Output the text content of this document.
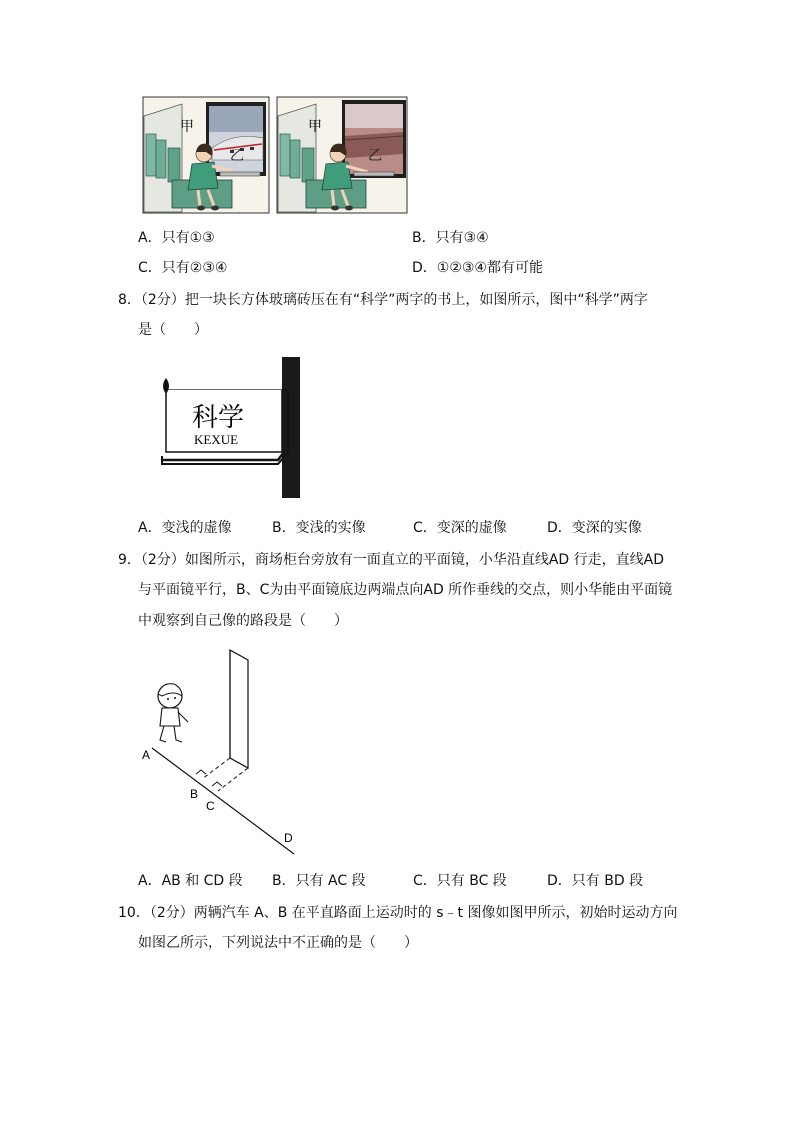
甲
乙
甲
乙
A．只有①③	B．只有③④
C．只有②③④	D．①②③④都有可能
8．（2分）把一块长方体玻璃砖压在有“科学”两字的书上，如图所示，图中“科学”两字
是（　　）
科学
KEXUE
A．变浅的虚像	B．变浅的实像	C．变深的虚像	D．变深的实像
9．（2分）如图所示，商场柜台旁放有一面直立的平面镜，小华沿直线AD 行走，直线AD
与平面镜平行，B、C为由平面镜底边两端点向AD 所作垂线的交点，则小华能由平面镜
中观察到自己像的路段是（　　）
A
B
C
D
A．AB 和 CD 段 B．只有 AC 段	C．只有 BC 段	D．只有 BD 段
10．（2分）两辆汽车 A、B 在平直路面上运动时的 s﹣t 图像如图甲所示，初始时运动方向
如图乙所示，下列说法中不正确的是（　　）
